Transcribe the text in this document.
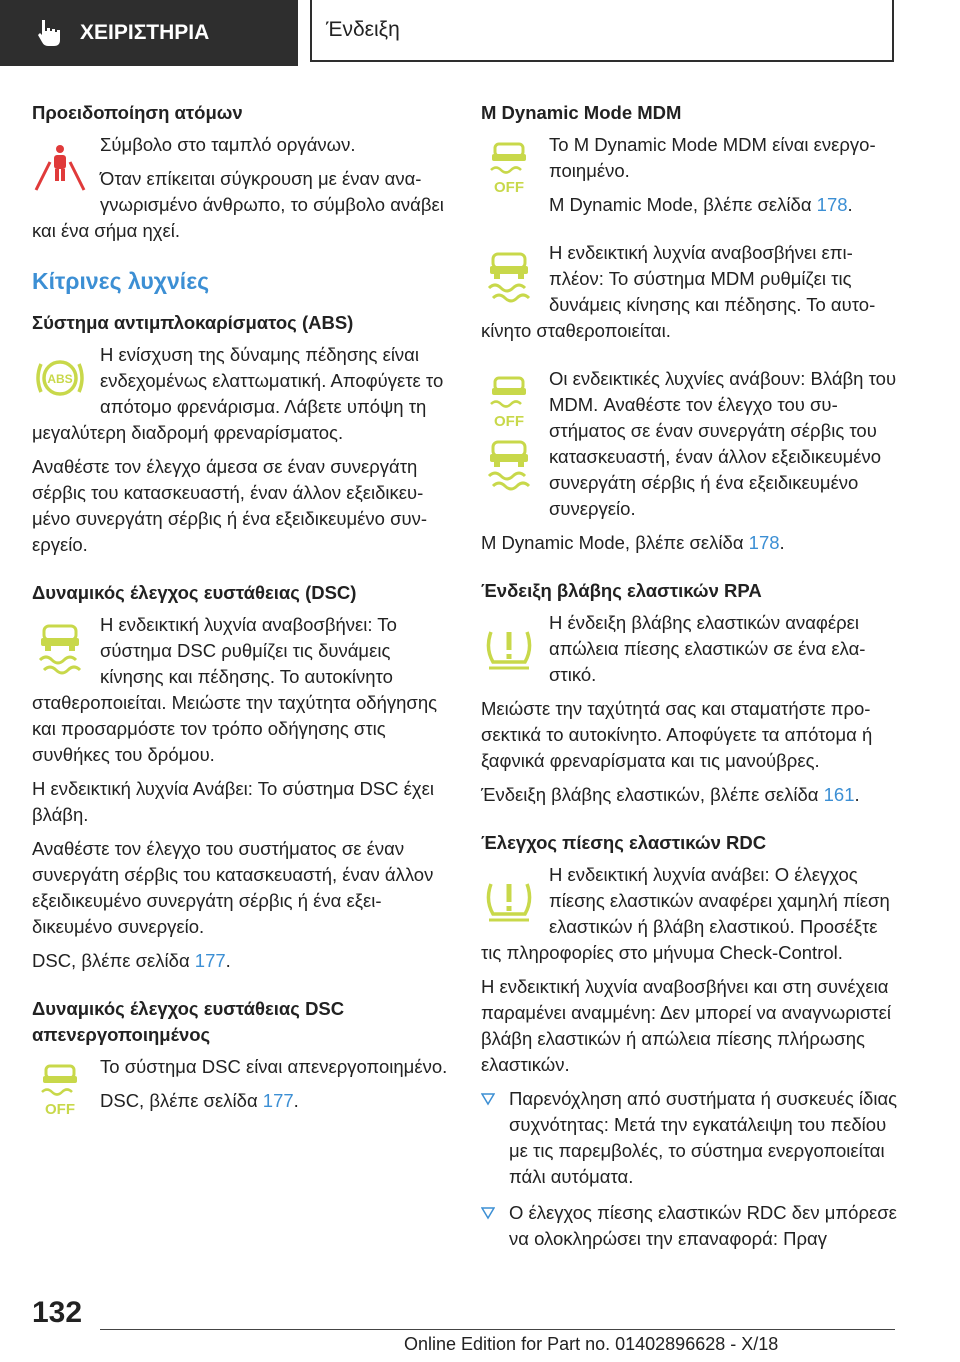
ΧΕΙΡΙΣΤΗΡΙΑ	Ένδειξη
Προειδοποίηση ατόμων

Σύμβολο στο ταμπλό οργάνων.

Όταν επίκειται σύγκρουση με έναν αναγνωρισμένο άνθρωπο, το σύμβολο ανάβει και ένα σήμα ηχεί.

Κίτρινες λυχνίες
Σύστημα αντιμπλοκαρίσματος (ABS)
ABS

Η ενίσχυση της δύναμης πέδησης είναι ενδεχομένως ελαττωματική. Αποφύγετε το απότομο φρενάρισμα. Λάβετε υπόψη τη μεγαλύτερη διαδρομή φρεναρίσματος.

Αναθέστε τον έλεγχο άμεσα σε έναν συνεργάτη σέρβις του κατασκευαστή, έναν άλλον εξειδικευμένο συνεργάτη σέρβις ή ένα εξειδικευμένο συνεργείο.

Δυναμικός έλεγχος ευστάθειας (DSC)

Η ενδεικτική λυχνία αναβοσβήνει: Το σύστημα DSC ρυθμίζει τις δυνάμεις κίνησης και πέδησης. Το αυτοκίνητο σταθεροποιείται. Μειώστε την ταχύτητα οδήγησης και προσαρμόστε τον τρόπο οδήγησης στις συνθήκες του δρόμου.

Η ενδεικτική λυχνία Ανάβει: Το σύστημα DSC έχει βλάβη.

Αναθέστε τον έλεγχο του συστήματος σε έναν συνεργάτη σέρβις του κατασκευαστή, έναν άλλον εξειδικευμένο συνεργάτη σέρβις ή ένα εξειδικευμένο συνεργείο.

DSC, βλέπε σελίδα 177.

Δυναμικός έλεγχος ευστάθειας DSC απενεργοποιημένος
OFF

Το σύστημα DSC είναι απενεργοποιημένο.

DSC, βλέπε σελίδα 177.

M Dynamic Mode MDM
OFF

Το M Dynamic Mode MDM είναι ενεργοποιημένο.

M Dynamic Mode, βλέπε σελίδα 178.

Η ενδεικτική λυχνία αναβοσβήνει επιπλέον: Το σύστημα MDM ρυθμίζει τις δυνάμεις κίνησης και πέδησης. Το αυτοκίνητο σταθεροποιείται.

OFF

Οι ενδεικτικές λυχνίες ανάβουν: Βλάβη του MDM. Αναθέστε τον έλεγχο του συστήματος σε έναν συνεργάτη σέρβις του κατασκευαστή, έναν άλλον εξειδικευμένο συνεργάτη σέρβις ή ένα εξειδικευμένο συνεργείο.

M Dynamic Mode, βλέπε σελίδα 178.

Ένδειξη βλάβης ελαστικών RPA

Η ένδειξη βλάβης ελαστικών αναφέρει απώλεια πίεσης ελαστικών σε ένα ελαστικό.

Μειώστε την ταχύτητά σας και σταματήστε προσεκτικά το αυτοκίνητο. Αποφύγετε τα απότομα ή ξαφνικά φρεναρίσματα και τις μανούβρες.

Ένδειξη βλάβης ελαστικών, βλέπε σελίδα 161.

Έλεγχος πίεσης ελαστικών RDC

Η ενδεικτική λυχνία ανάβει: Ο έλεγχος πίεσης ελαστικών αναφέρει χαμηλή πίεση ελαστικών ή βλάβη ελαστικού. Προσέξτε τις πληροφορίες στο μήνυμα Check-Control.

Η ενδεικτική λυχνία αναβοσβήνει και στη συνέχεια παραμένει αναμμένη: Δεν μπορεί να αναγνωριστεί βλάβη ελαστικών ή απώλεια πίεσης πλήρωσης ελαστικών.

Παρενόχληση από συστήματα ή συσκευές ίδιας συχνότητας: Μετά την εγκατάλειψη του πεδίου με τις παρεμβολές, το σύστημα ενεργοποιείται πάλι αυτόματα.
Ο έλεγχος πίεσης ελαστικών RDC δεν μπόρεσε να ολοκληρώσει την επαναφορά: Πραγ
132
Online Edition for Part no. 01402896628 - X/18
